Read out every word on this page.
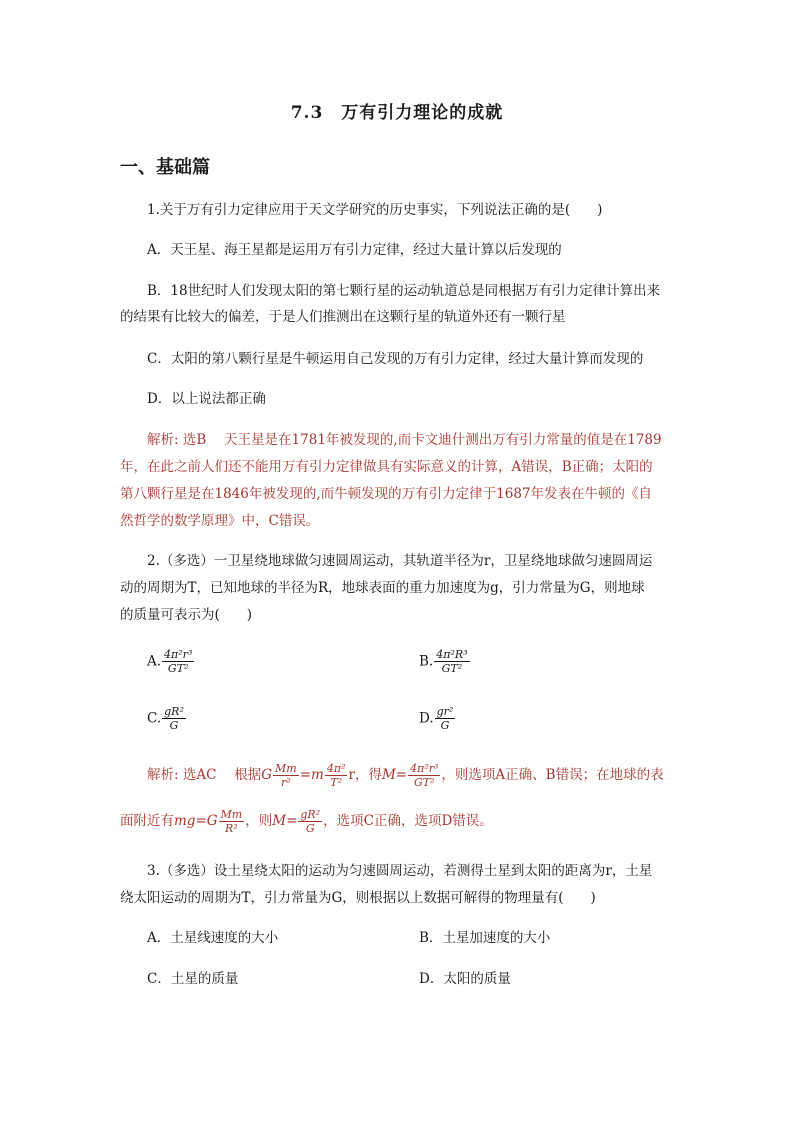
7.3　万有引力理论的成就
一、基础篇
1.关于万有引力定律应用于天文学研究的历史事实，下列说法正确的是(　　)
A．天王星、海王星都是运用万有引力定律，经过大量计算以后发现的
B．18世纪时人们发现太阳的第七颗行星的运动轨道总是同根据万有引力定律计算出来
的结果有比较大的偏差，于是人们推测出在这颗行星的轨道外还有一颗行星
C．太阳的第八颗行星是牛顿运用自己发现的万有引力定律，经过大量计算而发现的
D．以上说法都正确
解析: 选B　 天王星是在1781年被发现的,而卡文迪什测出万有引力常量的值是在1789
年，在此之前人们还不能用万有引力定律做具有实际意义的计算，A错误，B正确；太阳的
第八颗行星是在1846年被发现的,而牛顿发现的万有引力定律于1687年发表在牛顿的《自
然哲学的数学原理》中，C错误。
2.（多选）一卫星绕地球做匀速圆周运动，其轨道半径为r，卫星绕地球做匀速圆周运
动的周期为T，已知地球的半径为R，地球表面的重力加速度为g，引力常量为G，则地球
的质量可表示为(　　)
A. $\frac{\text{4π²r³}}{\text{GT²}}$	B. $\frac{\text{4π²R³}}{\text{GT²}}$
C. $\frac{\text{gR²}}{G}$	D. $\frac{\text{gr²}}{G}$
解析: 选AC　 根据G $\frac{Mm}{\text{r²}} =m \frac{\text{4π²}}{\text{T²}}$ r，得$M= \frac{\text{4π²r³}}{\text{GT²}}$ ，则选项A正确、B错误；在地球的表
面附近有$mg=G \frac{Mm}{\text{R²}}$ ，则$M= \frac{\text{gR²}}{G}$ ，选项C正确，选项D错误。
3.（多选）设土星绕太阳的运动为匀速圆周运动，若测得土星到太阳的距离为r，土星
绕太阳运动的周期为T，引力常量为G，则根据以上数据可解得的物理量有(　　)
A．土星线速度的大小	B．土星加速度的大小
C．土星的质量	D．太阳的质量
